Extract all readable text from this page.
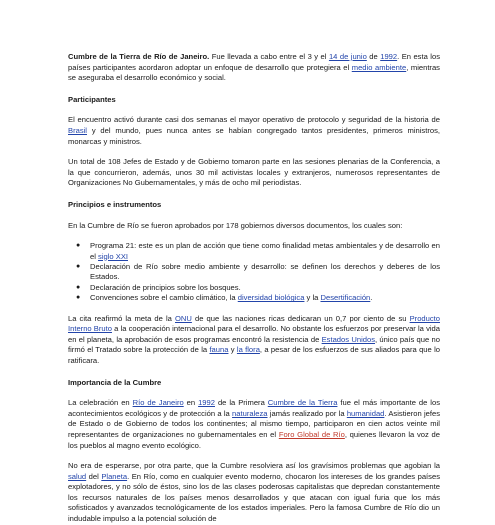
Cumbre de la Tierra de Río de Janeiro. Fue llevada a cabo entre el 3 y el 14 de junio de 1992. En esta los países participantes acordaron adoptar un enfoque de desarrollo que protegiera el medio ambiente, mientras se aseguraba el desarrollo económico y social.

Participantes

El encuentro activó durante casi dos semanas el mayor operativo de protocolo y seguridad de la historia de Brasil y del mundo, pues nunca antes se habían congregado tantos presidentes, primeros ministros, monarcas y ministros.

Un total de 108 Jefes de Estado y de Gobierno tomaron parte en las sesiones plenarias de la Conferencia, a la que concurrieron, además, unos 30 mil activistas locales y extranjeros, numerosos representantes de Organizaciones No Gubernamentales, y más de ocho mil periodistas.

Principios e instrumentos

En la Cumbre de Río se fueron aprobados por 178 gobiernos diversos documentos, los cuales son:

● Programa 21: este es un plan de acción que tiene como finalidad metas ambientales y de desarrollo en el siglo XXI
● Declaración de Río sobre medio ambiente y desarrollo: se definen los derechos y deberes de los Estados.
● Declaración de principios sobre los bosques.
● Convenciones sobre el cambio climático, la diversidad biológica y la Desertificación.

La cita reafirmó la meta de la ONU de que las naciones ricas dedicaran un 0,7 por ciento de su Producto Interno Bruto a la cooperación internacional para el desarrollo. No obstante los esfuerzos por preservar la vida en el planeta, la aprobación de esos programas encontró la resistencia de Estados Unidos, único país que no firmó el Tratado sobre la protección de la fauna y la flora, a pesar de los esfuerzos de sus aliados para que lo ratificara.

Importancia de la Cumbre

La celebración en Río de Janeiro en 1992 de la Primera Cumbre de la Tierra fue el más importante de los acontecimientos ecológicos y de protección a la naturaleza jamás realizado por la humanidad. Asistieron jefes de Estado o de Gobierno de todos los continentes; al mismo tiempo, participaron en cien actos veinte mil representantes de organizaciones no gubernamentales en el Foro Global de Río, quienes llevaron la voz de los pueblos al magno evento ecológico.

No era de esperarse, por otra parte, que la Cumbre resolviera así los gravísimos problemas que agobian la salud del Planeta. En Río, como en cualquier evento moderno, chocaron los intereses de los grandes países explotadores, y no sólo de éstos, sino los de las clases poderosas capitalistas que depredan constantemente los recursos naturales de los países menos desarrollados y que atacan con igual furia que los más sofisticados y avanzados tecnológicamente de los estados imperiales. Pero la famosa Cumbre de Río dio un indudable impulso a la potencial solución de
